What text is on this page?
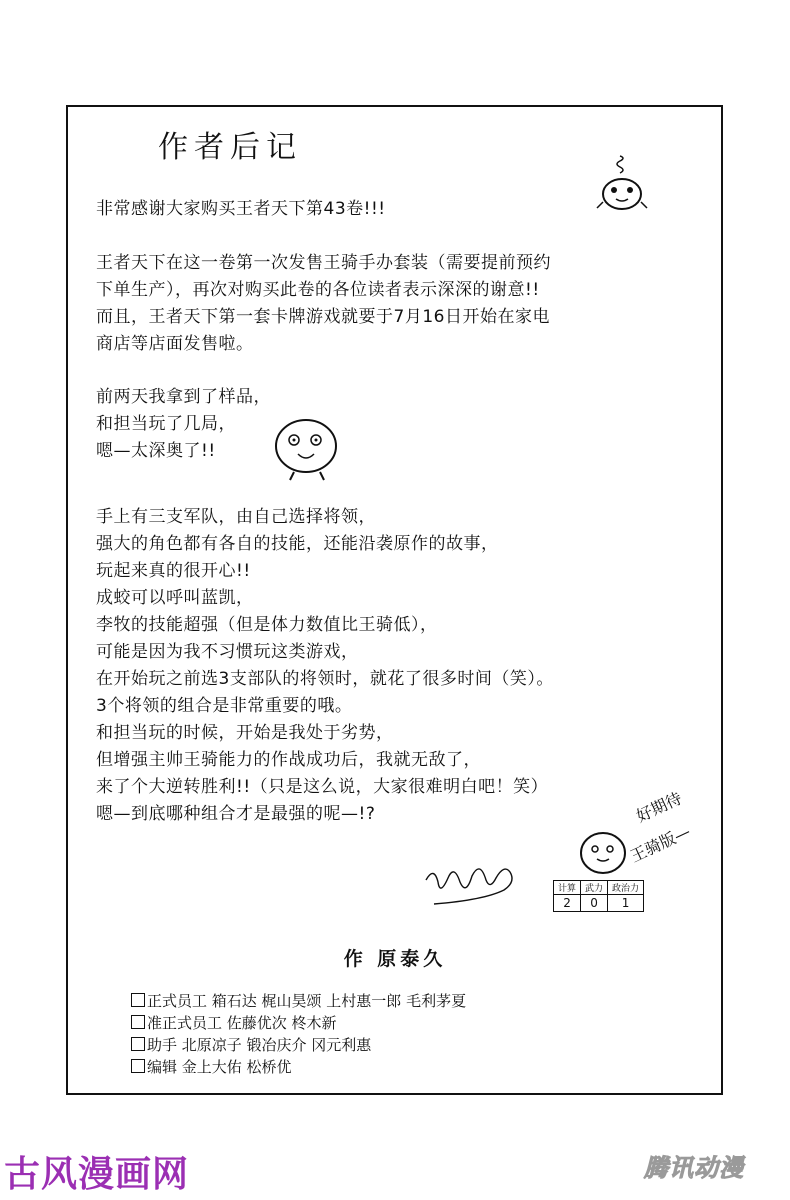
作者后记
非常感谢大家购买王者天下第43卷!!!
王者天下在这一卷第一次发售王骑手办套装（需要提前预约
下单生产），再次对购买此卷的各位读者表示深深的谢意!!
而且，王者天下第一套卡牌游戏就要于7月16日开始在家电
商店等店面发售啦。
前两天我拿到了样品，
和担当玩了几局，
嗯—太深奥了!!
手上有三支军队，由自己选择将领，
强大的角色都有各自的技能，还能沿袭原作的故事，
玩起来真的很开心!!
成蛟可以呼叫蓝凯，
李牧的技能超强（但是体力数值比王骑低），
可能是因为我不习惯玩这类游戏，
在开始玩之前选3支部队的将领时，就花了很多时间（笑）。
3个将领的组合是非常重要的哦。
和担当玩的时候，开始是我处于劣势，
但增强主帅王骑能力的作战成功后，我就无敌了，
来了个大逆转胜利!!（只是这么说，大家很难明白吧！笑）
嗯—到底哪种组合才是最强的呢—!?	好期待
王骑版—
计算	武力	政治力
2	0	1
作 原泰久
正式员工 箱石达 梶山昊颂 上村惠一郎 毛利茅夏
准正式员工 佐藤优次 柊木新
助手 北原凉子 锻冶庆介 冈元利惠
编辑 金上大佑 松桥优
古风漫画网	腾讯动漫
